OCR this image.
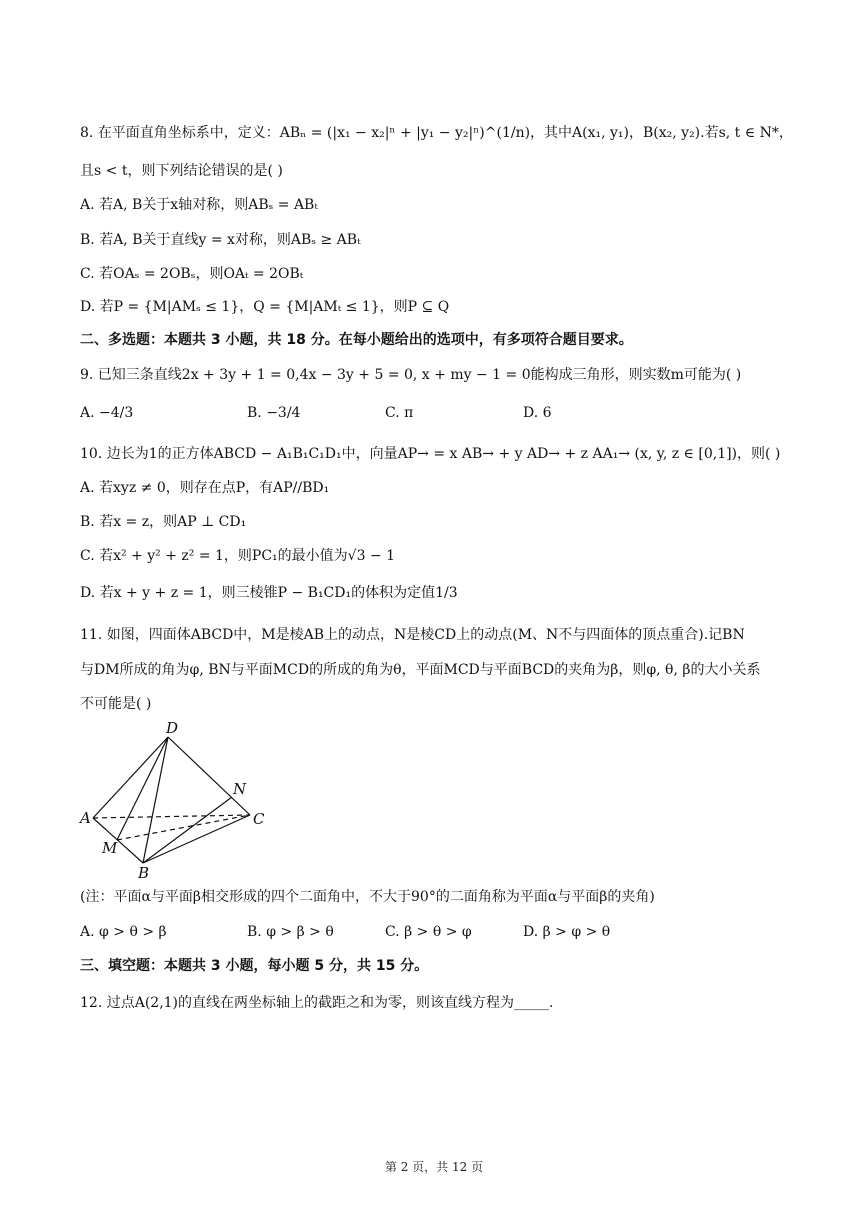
8. 在平面直角坐标系中，定义：ABₙ = (|x₁ − x₂|ⁿ + |y₁ − y₂|ⁿ)^(1/n)，其中A(x₁, y₁)，B(x₂, y₂).若s, t ∈ N*，
且s < t，则下列结论错误的是( )
A. 若A, B关于x轴对称，则ABₛ = ABₜ
B. 若A, B关于直线y = x对称，则ABₛ ≥ ABₜ
C. 若OAₛ = 2OBₛ，则OAₜ = 2OBₜ
D. 若P = {M|AMₛ ≤ 1}，Q = {M|AMₜ ≤ 1}，则P ⊆ Q
二、多选题：本题共 3 小题，共 18 分。在每小题给出的选项中，有多项符合题目要求。
9. 已知三条直线2x + 3y + 1 = 0,4x − 3y + 5 = 0, x + my − 1 = 0能构成三角形，则实数m可能为( )
A. −4/3	B. −3/4	C. π	D. 6
10. 边长为1的正方体ABCD − A₁B₁C₁D₁中，向量AP→ = x AB→ + y AD→ + z AA₁→ (x, y, z ∈ [0,1])，则( )
A. 若xyz ≠ 0，则存在点P，有AP//BD₁
B. 若x = z，则AP ⊥ CD₁
C. 若x² + y² + z² = 1，则PC₁的最小值为√3 − 1
D. 若x + y + z = 1，则三棱锥P − B₁CD₁的体积为定值1/3
11. 如图，四面体ABCD中，M是棱AB上的动点，N是棱CD上的动点(M、N不与四面体的顶点重合).记BN
与DM所成的角为φ, BN与平面MCD的所成的角为θ，平面MCD与平面BCD的夹角为β，则φ, θ, β的大小关系
不可能是( )
D
A	C
N
M
B
(注：平面α与平面β相交形成的四个二面角中，不大于90°的二面角称为平面α与平面β的夹角)
A. φ > θ > β	B. φ > β > θ	C. β > θ > φ	D. β > φ > θ
三、填空题：本题共 3 小题，每小题 5 分，共 15 分。
12. 过点A(2,1)的直线在两坐标轴上的截距之和为零，则该直线方程为_____.
第 2 页，共 12 页
